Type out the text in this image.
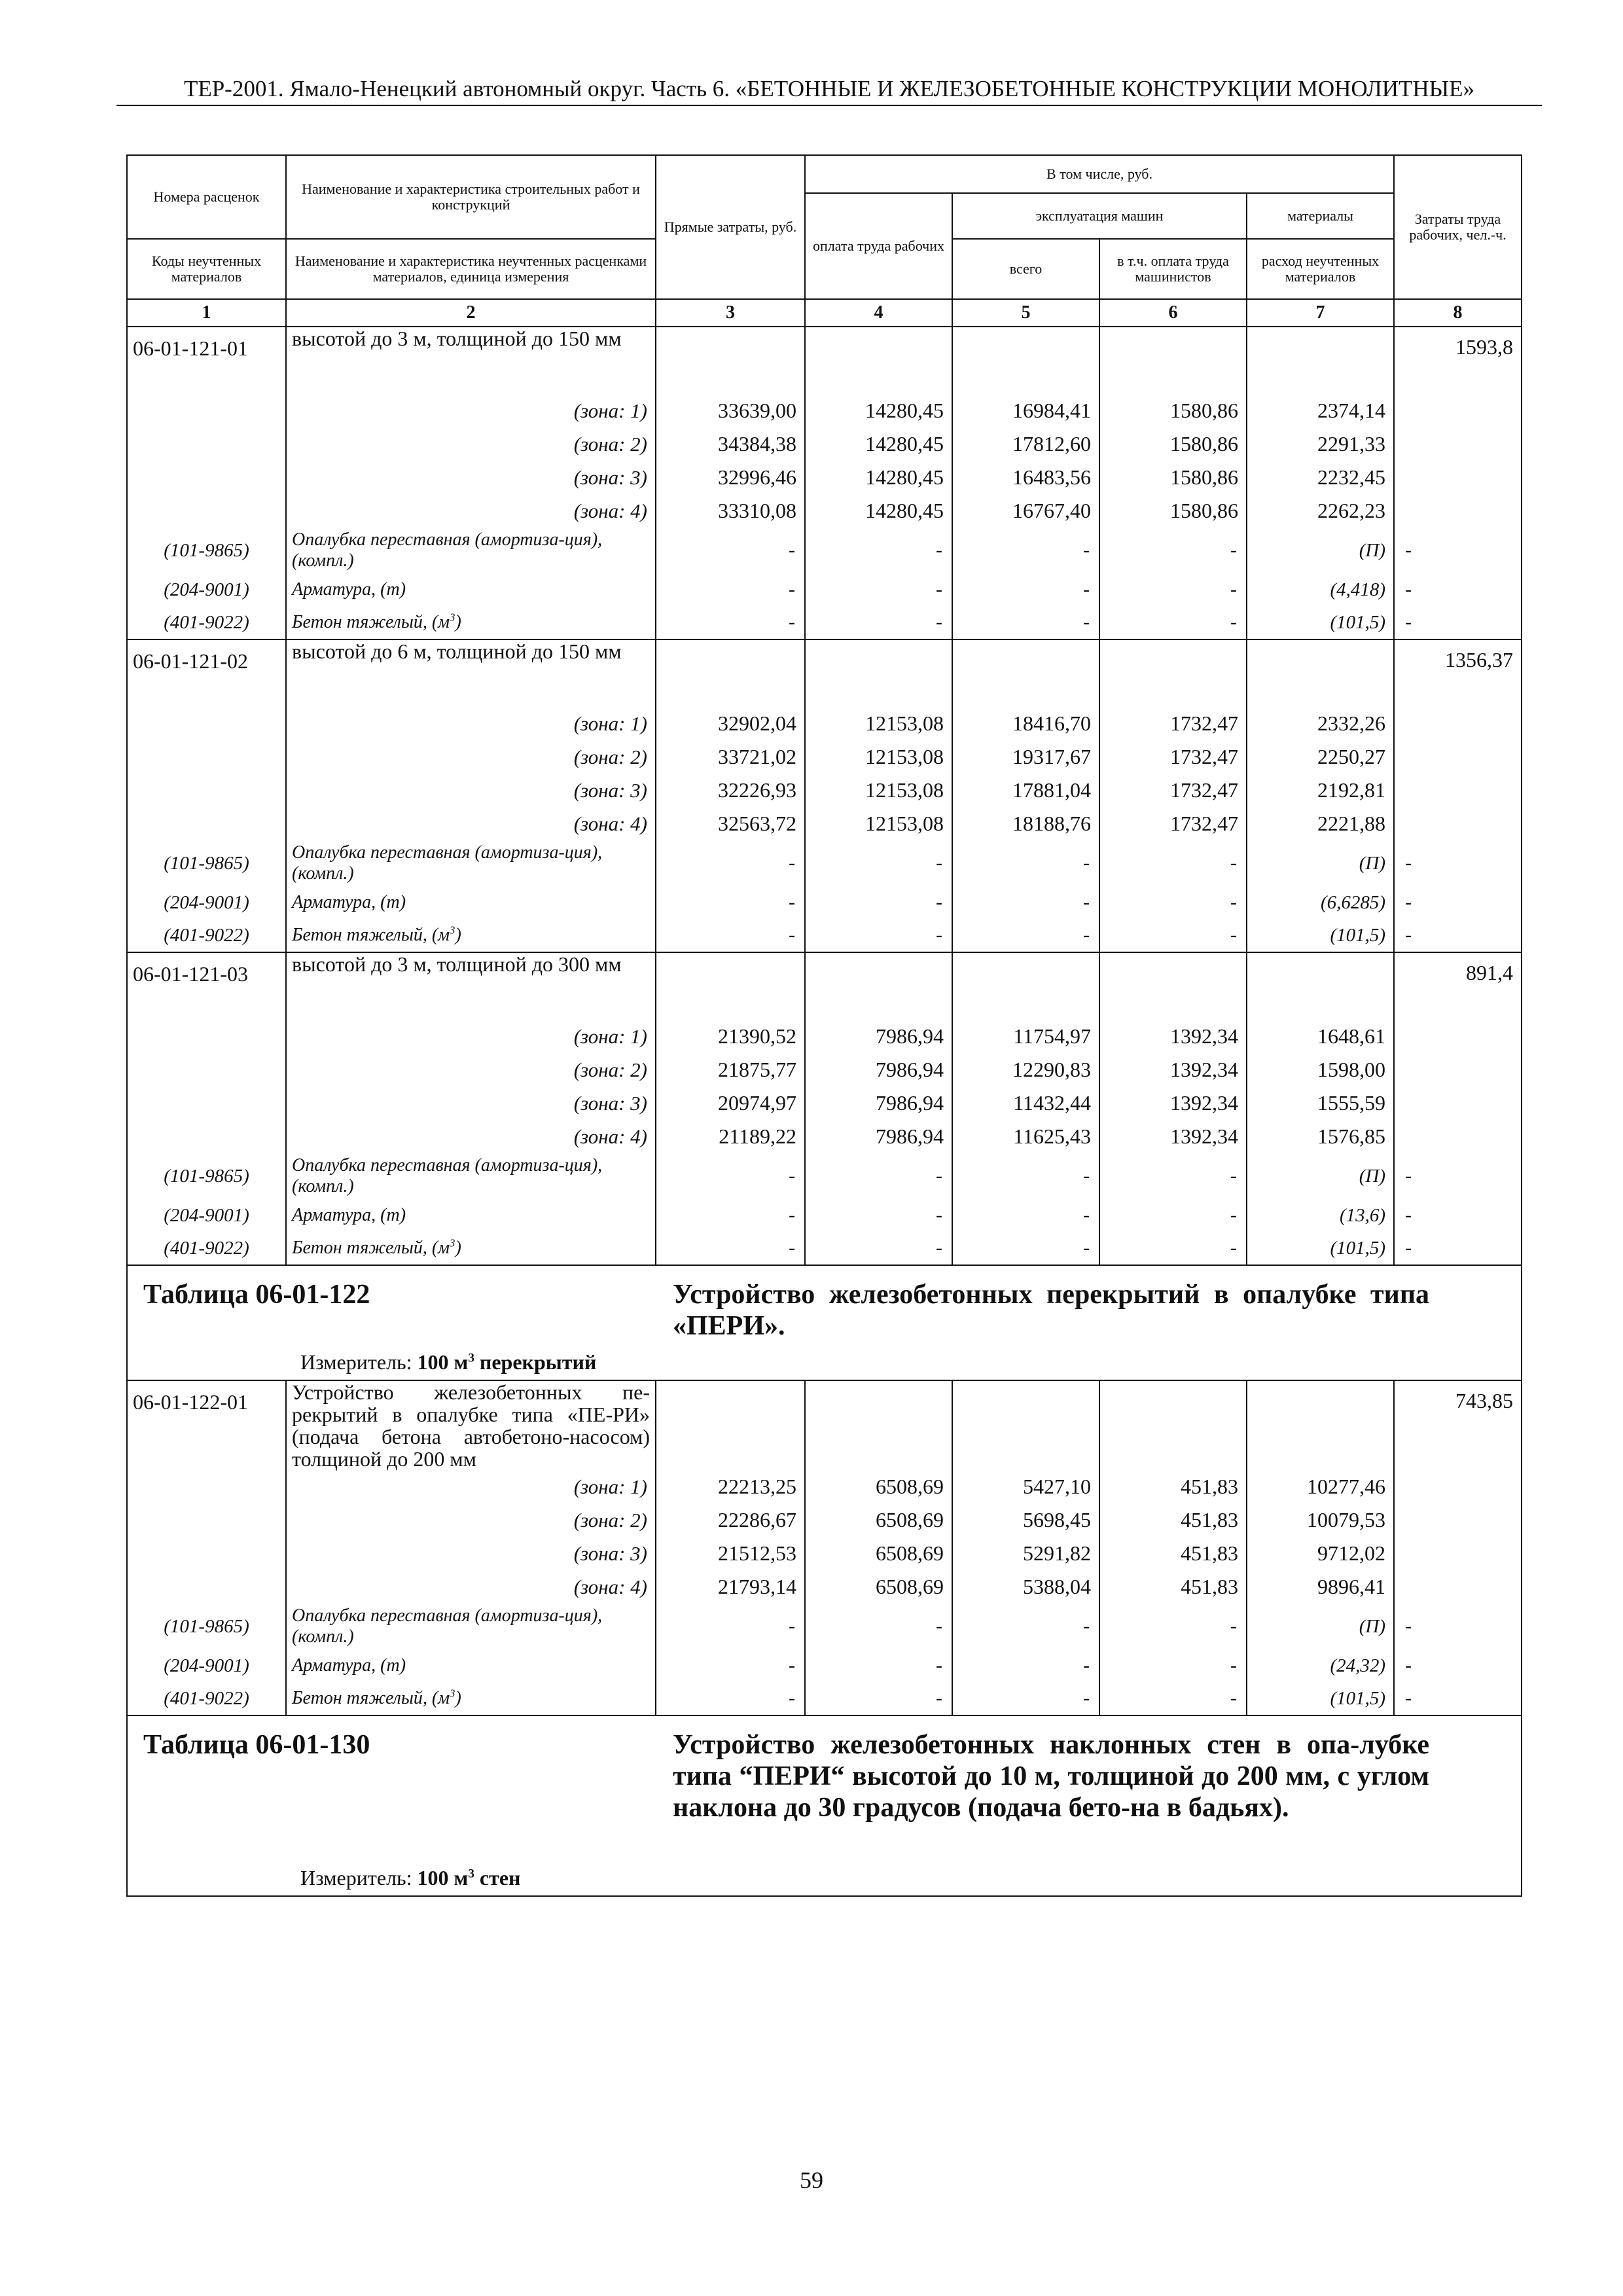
ТЕР-2001. Ямало-Ненецкий автономный округ. Часть 6. «БЕТОННЫЕ И ЖЕЛЕЗОБЕТОННЫЕ КОНСТРУКЦИИ МОНОЛИТНЫЕ»
Номера расценок	Наименование и характеристика строительных работ и конструкций	Прямые затраты, руб.	В том числе, руб.				Затраты труда рабочих, чел.-ч.
			оплата труда рабочих	эксплуатация машин		материалы	
Коды неучтенных материалов	Наименование и характеристика неучтенных расценками материалов, единица измерения			всего	в т.ч. оплата труда машинистов	расход неучтенных материалов	
1	2	3	4	5	6	7	8
06-01-121-01	высотой до 3 м, толщиной до 150 мм						1593,8
	(зона: 1)	33639,00	14280,45	16984,41	1580,86	2374,14	
	(зона: 2)	34384,38	14280,45	17812,60	1580,86	2291,33	
	(зона: 3)	32996,46	14280,45	16483,56	1580,86	2232,45	
	(зона: 4)	33310,08	14280,45	16767,40	1580,86	2262,23	
(101-9865)	Опалубка переставная (амортиза-ция), (компл.)	-	-	-	-	(П)	-
(204-9001)	Арматура, (т)	-	-	-	-	(4,418)	-
(401-9022)	Бетон тяжелый, $(м^3)$	-	-	-	-	(101,5)	-
06-01-121-02	высотой до 6 м, толщиной до 150 мм						1356,37
	(зона: 1)	32902,04	12153,08	18416,70	1732,47	2332,26	
	(зона: 2)	33721,02	12153,08	19317,67	1732,47	2250,27	
	(зона: 3)	32226,93	12153,08	17881,04	1732,47	2192,81	
	(зона: 4)	32563,72	12153,08	18188,76	1732,47	2221,88	
(101-9865)	Опалубка переставная (амортиза-ция), (компл.)	-	-	-	-	(П)	-
(204-9001)	Арматура, (т)	-	-	-	-	(6,6285)	-
(401-9022)	Бетон тяжелый, $(м^3)$	-	-	-	-	(101,5)	-
06-01-121-03	высотой до 3 м, толщиной до 300 мм						891,4
	(зона: 1)	21390,52	7986,94	11754,97	1392,34	1648,61	
	(зона: 2)	21875,77	7986,94	12290,83	1392,34	1598,00	
	(зона: 3)	20974,97	7986,94	11432,44	1392,34	1555,59	
	(зона: 4)	21189,22	7986,94	11625,43	1392,34	1576,85	
(101-9865)	Опалубка переставная (амортиза-ция), (компл.)	-	-	-	-	(П)	-
(204-9001)	Арматура, (т)	-	-	-	-	(13,6)	-
(401-9022)	Бетон тяжелый, $(м^3)$	-	-	-	-	(101,5)	-
Таблица 06-01-122		Устройство железобетонных перекрытий в опалубке типа «ПЕРИ».					
	Измеритель: 100 $м^3$ перекрытий						
06-01-122-01	Устройство железобетонных пе-рекрытий в опалубке типа «ПЕ-РИ» (подача бетона автобетоно-насосом) толщиной до 200 мм						743,85
	(зона: 1)	22213,25	6508,69	5427,10	451,83	10277,46	
	(зона: 2)	22286,67	6508,69	5698,45	451,83	10079,53	
	(зона: 3)	21512,53	6508,69	5291,82	451,83	9712,02	
	(зона: 4)	21793,14	6508,69	5388,04	451,83	9896,41	
(101-9865)	Опалубка переставная (амортиза-ция), (компл.)	-	-	-	-	(П)	-
(204-9001)	Арматура, (т)	-	-	-	-	(24,32)	-
(401-9022)	Бетон тяжелый, $(м^3)$	-	-	-	-	(101,5)	-
Таблица 06-01-130		Устройство железобетонных наклонных стен в опа-лубке типа “ПЕРИ“ высотой до 10 м, толщиной до 200 мм, с углом наклона до 30 градусов (подача бето-на в бадьях).					
	Измеритель: 100 $м^3$ стен						
59
